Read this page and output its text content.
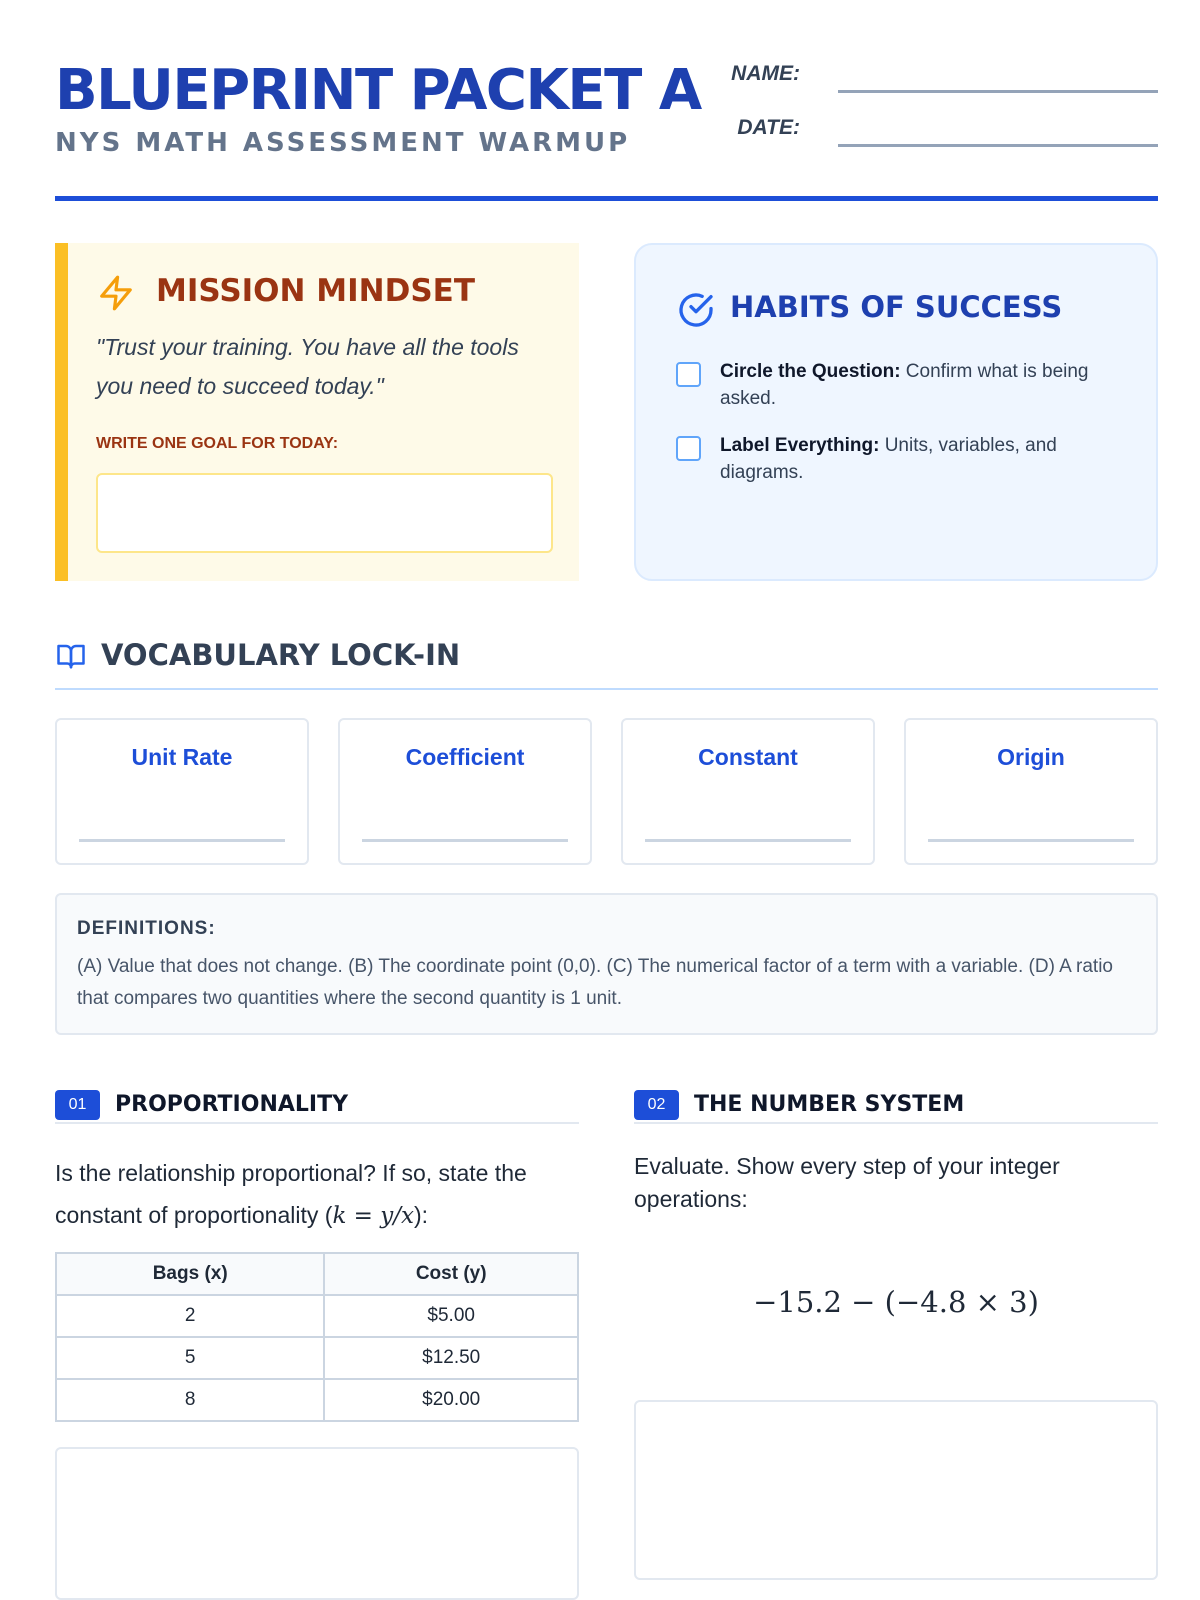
BLUEPRINT PACKET A
NYS MATH ASSESSMENT WARMUP
NAME:
DATE:
MISSION MINDSET
"Trust your training. You have all the tools you need to succeed today."
WRITE ONE GOAL FOR TODAY:
HABITS OF SUCCESS
Circle the Question: Confirm what is being asked.
Label Everything: Units, variables, and diagrams.
VOCABULARY LOCK-IN
Unit Rate	Coefficient	Constant	Origin
DEFINITIONS:
(A) Value that does not change. (B) The coordinate point (0,0). (C) The numerical factor of a term with a variable. (D) A ratio that compares two quantities where the second quantity is 1 unit.
01	PROPORTIONALITY
Is the relationship proportional? If so, state the constant of proportionality (k = y/x):
Bags (x)	Cost (y)
2	$5.00
5	$12.50
8	$20.00
02	THE NUMBER SYSTEM
Evaluate. Show every step of your integer operations:
−15.2 − (−4.8 × 3)
